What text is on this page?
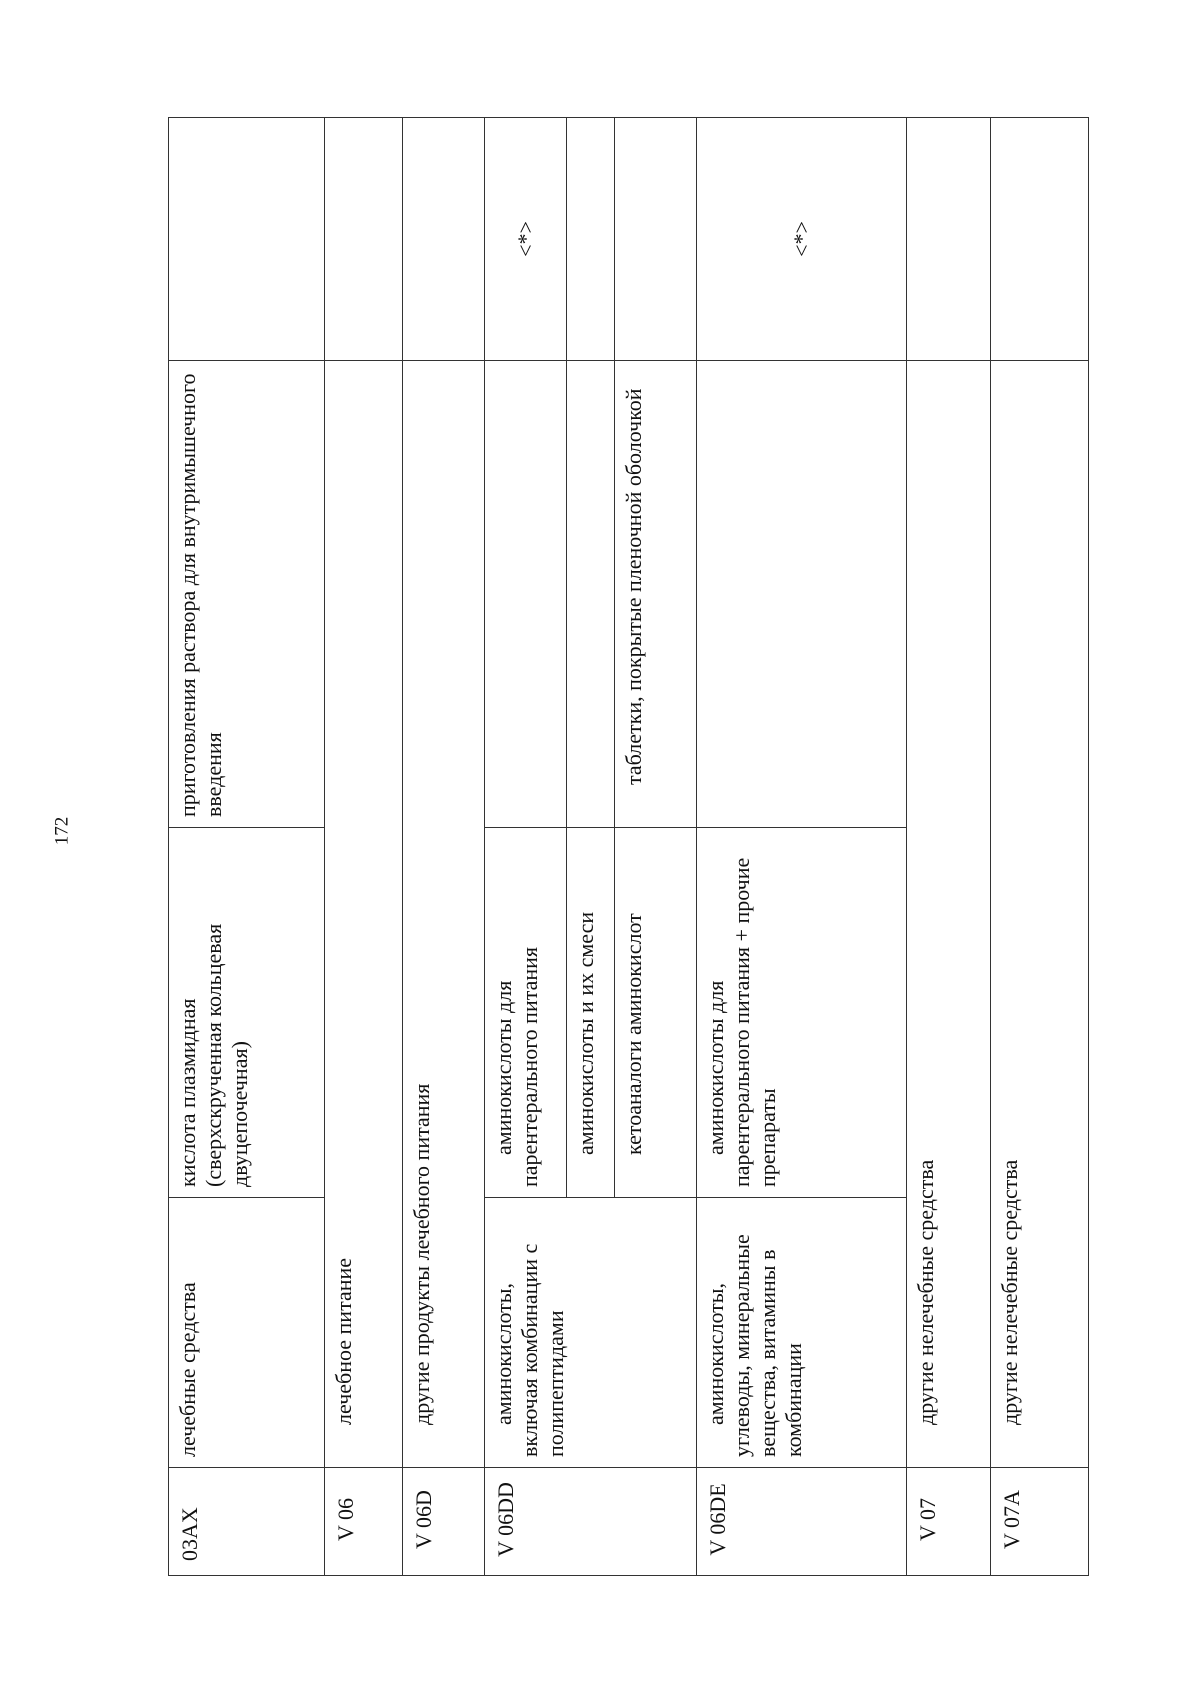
172
03AX	лечебные средства	кислота плазмидная (сверхскрученная кольцевая двуцепочечная)	приготовления раствора для внутримышечного введения	
V 06	лечебное питание			
V 06D	другие продукты лечебного питания			
V 06DD	аминокислоты, включая комбинации с полипептидами	аминокислоты для парентерального питания		<*>
		аминокислоты и их смеси		
		кетоаналоги аминокислот	таблетки, покрытые пленочной оболочкой	
V 06DE	аминокислоты, углеводы, минеральные вещества, витамины в комбинации	аминокислоты для парентерального питания + прочие препараты		<*>
V 07	другие нелечебные средства			
V 07A	другие нелечебные средства			
